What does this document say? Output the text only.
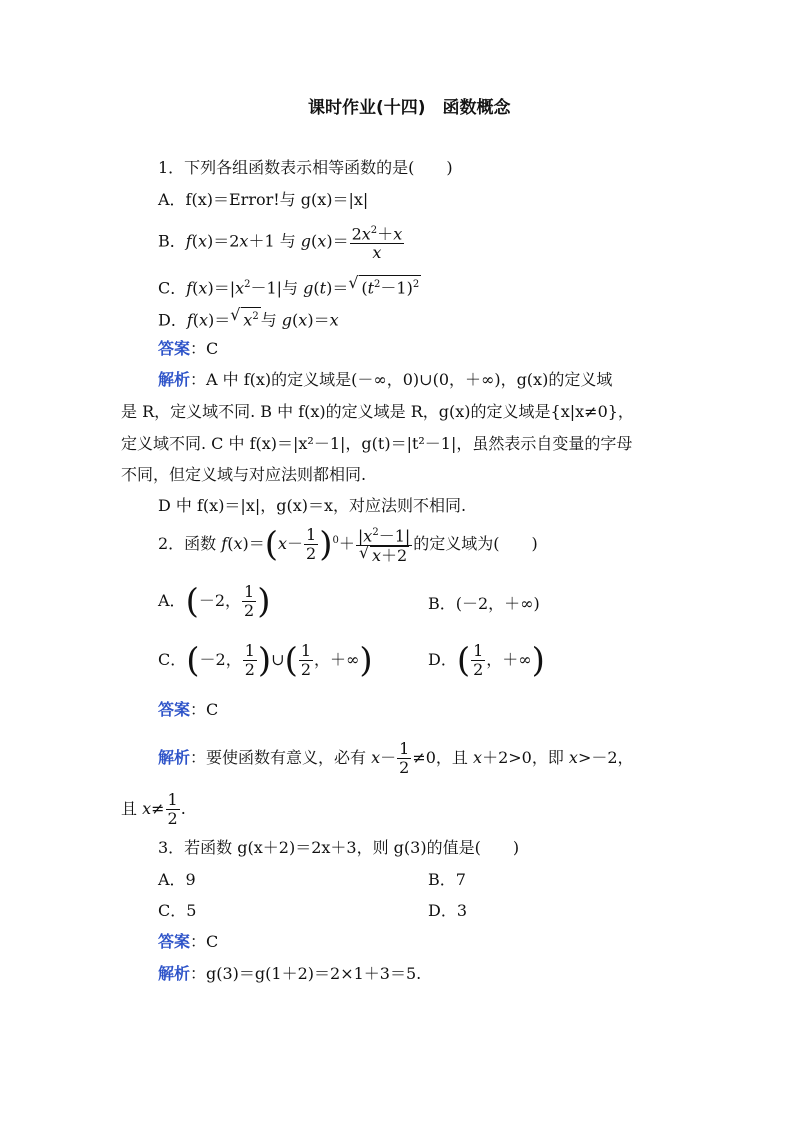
课时作业(十四)　函数概念
1．下列各组函数表示相等函数的是(　　)
A．f(x)＝Error!与 g(x)＝|x|
B．f(x)＝2x＋1 与 $g(x)= \frac{2x^2+x}{x}$
C．$f(x)=|x^2-1|$与 g(t)＝ √ $(t^2-1)^2$
D．f(x)＝ √ $x^2$ 与 g(x)＝x
答案：C
解析：A 中 f(x)的定义域是(－∞，0)∪(0，＋∞)，g(x)的定义域
是 R，定义域不同. B 中 f(x)的定义域是 R，g(x)的定义域是{x|x≠0}，
定义域不同. C 中 f(x)＝|x²－1|，g(t)＝|t²－1|，虽然表示自变量的字母
不同，但定义域与对应法则都相同.
D 中 f(x)＝|x|，g(x)＝x，对应法则不相同.
2．函数 $f(x)=(x- \frac{1}{2} )^0+ |x^2-1|$
√ x＋2 的定义域为(　　)
A．(－2， $\frac{1}{2}$ )	B．(－2，＋∞)
C．(－2， $\frac{1}{2}$ )∪( $\frac{1}{2}$ ，＋∞)	D．( $\frac{1}{2}$ ，＋∞)
答案：C
解析：要使函数有意义，必有 $x- \frac{1}{2} \ne 0$，且 x＋2>0，即 x>－2，
且 $x\ne \frac{1}{2}$ .
3．若函数 g(x＋2)＝2x＋3，则 g(3)的值是(　　)
A．9	B．7
C．5	D．3
答案：C
解析：g(3)＝g(1＋2)＝2×1＋3＝5.
